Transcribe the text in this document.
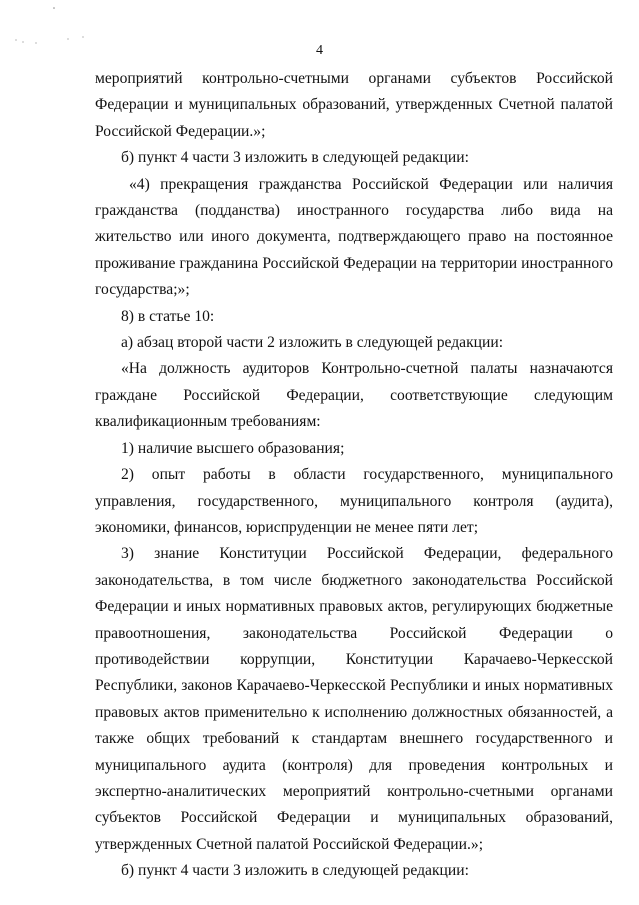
4

мероприятий контрольно-счетными органами субъектов Российской Федерации и муниципальных образований, утвержденных Счетной палатой Российской Федерации.»;

б) пункт 4 части 3 изложить в следующей редакции:

«4) прекращения гражданства Российской Федерации или наличия гражданства (подданства) иностранного государства либо вида на жительство или иного документа, подтверждающего право на постоянное проживание гражданина Российской Федерации на территории иностранного государства;»;

8) в статье 10:

а) абзац второй части 2 изложить в следующей редакции:

«На должность аудиторов Контрольно-счетной палаты назначаются граждане Российской Федерации, соответствующие следующим квалификационным требованиям:

1) наличие высшего образования;

2) опыт работы в области государственного, муниципального управления, государственного, муниципального контроля (аудита), экономики, финансов, юриспруденции не менее пяти лет;

3) знание Конституции Российской Федерации, федерального законодательства, в том числе бюджетного законодательства Российской Федерации и иных нормативных правовых актов, регулирующих бюджетные правоотношения, законодательства Российской Федерации о противодействии коррупции, Конституции Карачаево-Черкесской Республики, законов Карачаево-Черкесской Республики и иных нормативных правовых актов применительно к исполнению должностных обязанностей, а также общих требований к стандартам внешнего государственного и муниципального аудита (контроля) для проведения контрольных и экспертно-аналитических мероприятий контрольно-счетными органами субъектов Российской Федерации и муниципальных образований, утвержденных Счетной палатой Российской Федерации.»;

б) пункт 4 части 3 изложить в следующей редакции:
